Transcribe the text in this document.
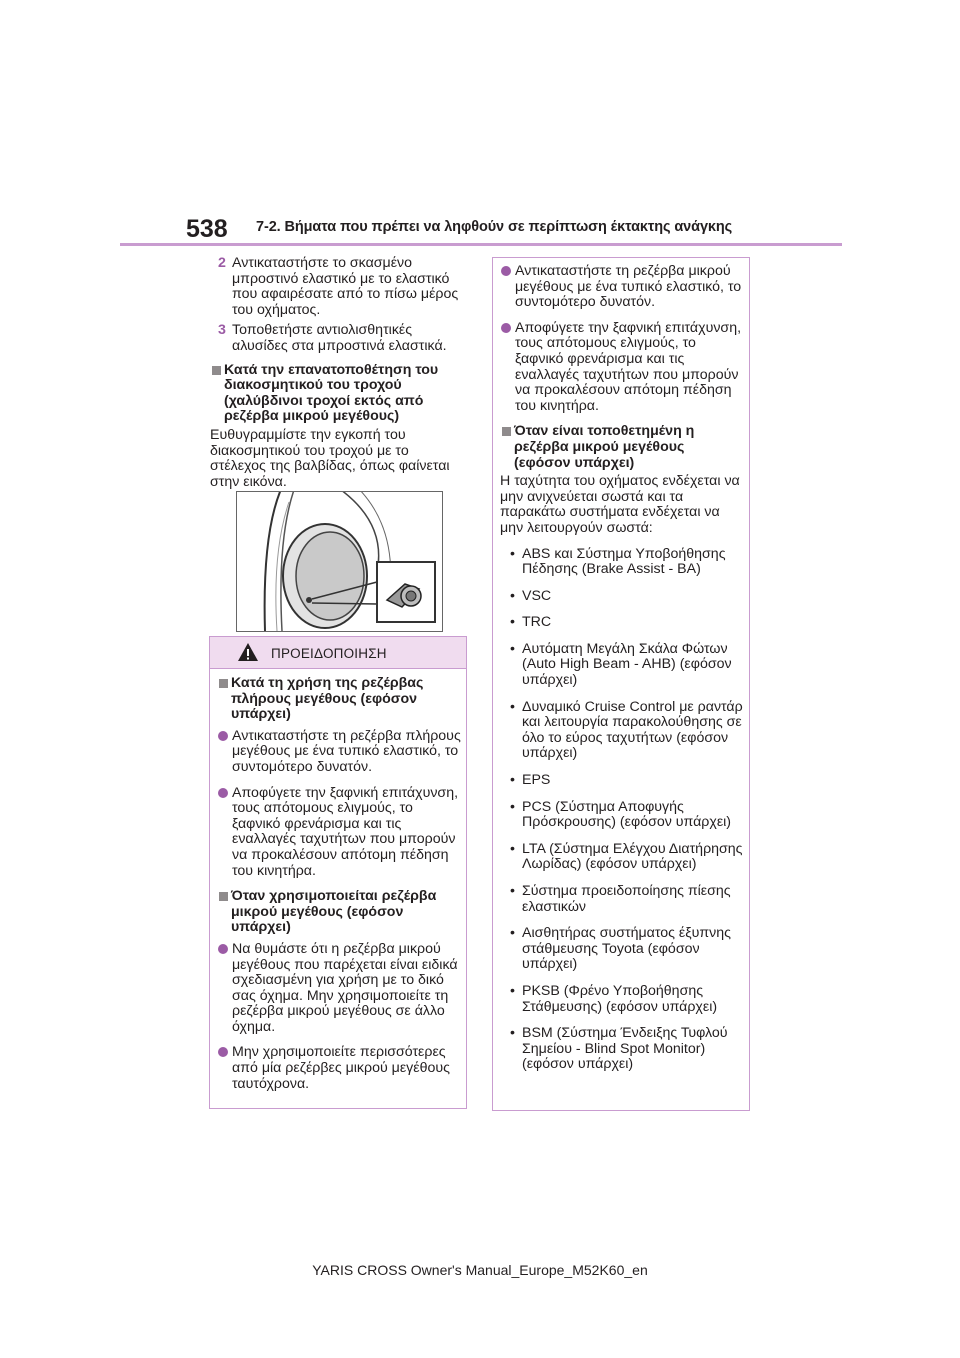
538 7-2. Βήματα που πρέπει να ληφθούν σε περίπτωση έκτακτης ανάγκης
2 Αντικαταστήστε το σκασμένο μπροστινό ελαστικό με το ελαστικό που αφαιρέσατε από το πίσω μέρος του οχήματος.
3 Τοποθετήστε αντιολισθητικές αλυσίδες στα μπροστινά ελαστικά.
Κατά την επανατοποθέτηση του διακοσμητικού του τροχού (χαλύβδινοι τροχοί εκτός από ρεζέρβα μικρού μεγέθους)
Ευθυγραμμίστε την εγκοπή του διακοσμητικού του τροχού με το στέλεχος της βαλβίδας, όπως φαίνεται στην εικόνα.
ΠΡΟΕΙΔΟΠΟΙΗΣΗ
Κατά τη χρήση της ρεζέρβας πλήρους μεγέθους (εφόσον υπάρχει)
Αντικαταστήστε τη ρεζέρβα πλήρους μεγέθους με ένα τυπικό ελαστικό, το συντομότερο δυνατόν.
Αποφύγετε την ξαφνική επιτάχυνση, τους απότομους ελιγμούς, το ξαφνικό φρενάρισμα και τις εναλλαγές ταχυτήτων που μπορούν να προκαλέσουν απότομη πέδηση του κινητήρα.
Όταν χρησιμοποιείται ρεζέρβα μικρού μεγέθους (εφόσον υπάρχει)
Να θυμάστε ότι η ρεζέρβα μικρού μεγέθους που παρέχεται είναι ειδικά σχεδιασμένη για χρήση με το δικό σας όχημα. Μην χρησιμοποιείτε τη ρεζέρβα μικρού μεγέθους σε άλλο όχημα.
Μην χρησιμοποιείτε περισσότερες από μία ρεζέρβες μικρού μεγέθους ταυτόχρονα.
Αντικαταστήστε τη ρεζέρβα μικρού μεγέθους με ένα τυπικό ελαστικό, το συντομότερο δυνατόν.
Αποφύγετε την ξαφνική επιτάχυνση, τους απότομους ελιγμούς, το ξαφνικό φρενάρισμα και τις εναλλαγές ταχυτήτων που μπορούν να προκαλέσουν απότομη πέδηση του κινητήρα.
Όταν είναι τοποθετημένη η ρεζέρβα μικρού μεγέθους (εφόσον υπάρχει)
Η ταχύτητα του οχήματος ενδέχεται να μην ανιχνεύεται σωστά και τα παρακάτω συστήματα ενδέχεται να μην λειτουργούν σωστά:
• ABS και Σύστημα Υποβοήθησης Πέδησης (Brake Assist - BA)
• VSC
• TRC
• Αυτόματη Μεγάλη Σκάλα Φώτων (Auto High Beam - AHB) (εφόσον υπάρχει)
• Δυναμικό Cruise Control με ραντάρ και λειτουργία παρακολούθησης σε όλο το εύρος ταχυτήτων (εφόσον υπάρχει)
• EPS
• PCS (Σύστημα Αποφυγής Πρόσκρουσης) (εφόσον υπάρχει)
• LTA (Σύστημα Ελέγχου Διατήρησης Λωρίδας) (εφόσον υπάρχει)
• Σύστημα προειδοποίησης πίεσης ελαστικών
• Αισθητήρας συστήματος έξυπνης στάθμευσης Toyota (εφόσον υπάρχει)
• PKSB (Φρένο Υποβοήθησης Στάθμευσης) (εφόσον υπάρχει)
• BSM (Σύστημα Ένδειξης Τυφλού Σημείου - Blind Spot Monitor) (εφόσον υπάρχει)
YARIS CROSS Owner's Manual_Europe_M52K60_en
